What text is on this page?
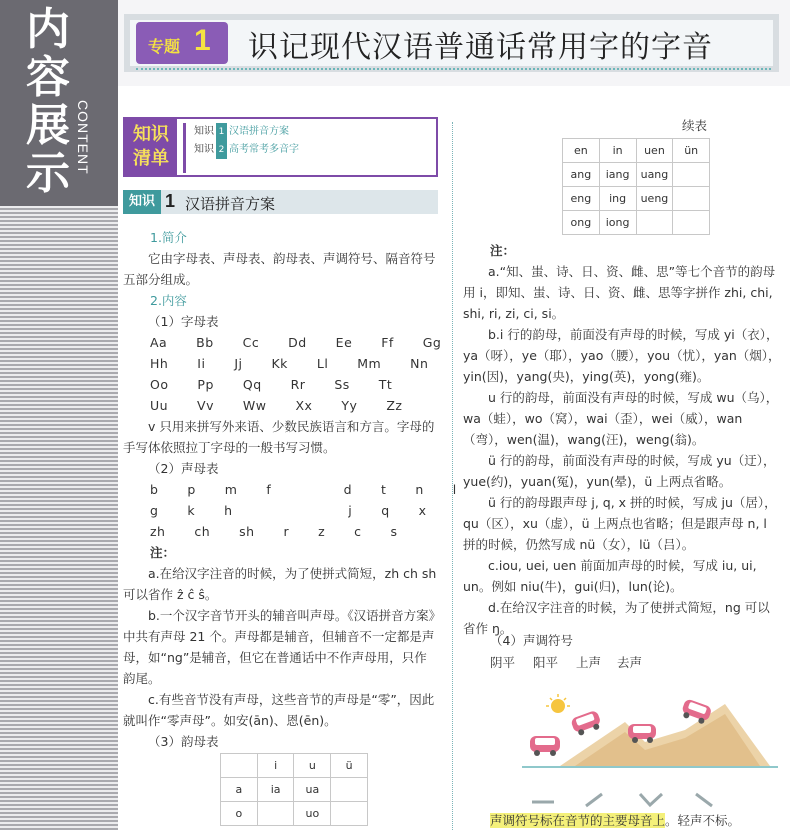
内容展示 CONTENT
专题 1 识记现代汉语普通话常用字的字音
知识清单
知识 1 汉语拼音方案
知识 2 高考常考多音字
知识 1 汉语拼音方案
1.简介
它由字母表、声母表、韵母表、声调符号、隔音符号五部分组成。
2.内容
（1）字母表
Aa  Bb  Cc  Dd  Ee  Ff  Gg
Hh  Ii  Jj  Kk  Ll  Mm  Nn
Oo  Pp  Qq  Rr  Ss  Tt
Uu  Vv  Ww  Xx  Yy  Zz
v 只用来拼写外来语、少数民族语言和方言。字母的手写体依照拉丁字母的一般书写习惯。
（2）声母表
b  p  m  f     d  t  n  l
g  k  h        j  q  x
zh  ch  sh  r  z  c  s
注：
a.在给汉字注音的时候，为了使拼式简短，zh ch sh 可以省作 ẑ ĉ ŝ。
b.一个汉字音节开头的辅音叫声母。《汉语拼音方案》中共有声母 21 个。声母都是辅音，但辅音不一定都是声母，如“ng”是辅音，但它在普通话中不作声母用，只作韵尾。
c.有些音节没有声母，这些音节的声母是“零”，因此就叫作“零声母”。如安(ān)、恩(ēn)。
（3）韵母表
	i	u	ü
a	ia	ua	
o		uo	
续表
en	in	uen	ün
ang	iang	uang	
eng	ing	ueng	
ong	iong		
注：
a.“知、蚩、诗、日、资、雌、思”等七个音节的韵母用 i，即知、蚩、诗、日、资、雌、思等字拼作 zhi, chi, shi, ri, zi, ci, si。
b.i 行的韵母，前面没有声母的时候，写成 yi（衣），ya（呀），ye（耶），yao（腰），you（忧），yan（烟），yin(因)，yang(央)，ying(英)，yong(雍)。
u 行的韵母，前面没有声母的时候，写成 wu（乌），wa（蛙），wo（窝），wai（歪），wei（威），wan（弯），wen(温)，wang(汪)，weng(翁)。
ü 行的韵母，前面没有声母的时候，写成 yu（迂），yue(约)，yuan(冤)，yun(晕)，ü 上两点省略。
ü 行的韵母跟声母 j, q, x 拼的时候，写成 ju（居），qu（区），xu（虚），ü 上两点也省略；但是跟声母 n, l 拼的时候，仍然写成 nü（女），lü（吕）。
c.iou, uei, uen 前面加声母的时候，写成 iu, ui, un。例如 niu(牛)，gui(归)，lun(论)。
d.在给汉字注音的时候，为了使拼式简短，ng 可以省作 ŋ。
（4）声调符号
阴平 阳平 上声 去声
声调符号标在音节的主要母音上。轻声不标。
